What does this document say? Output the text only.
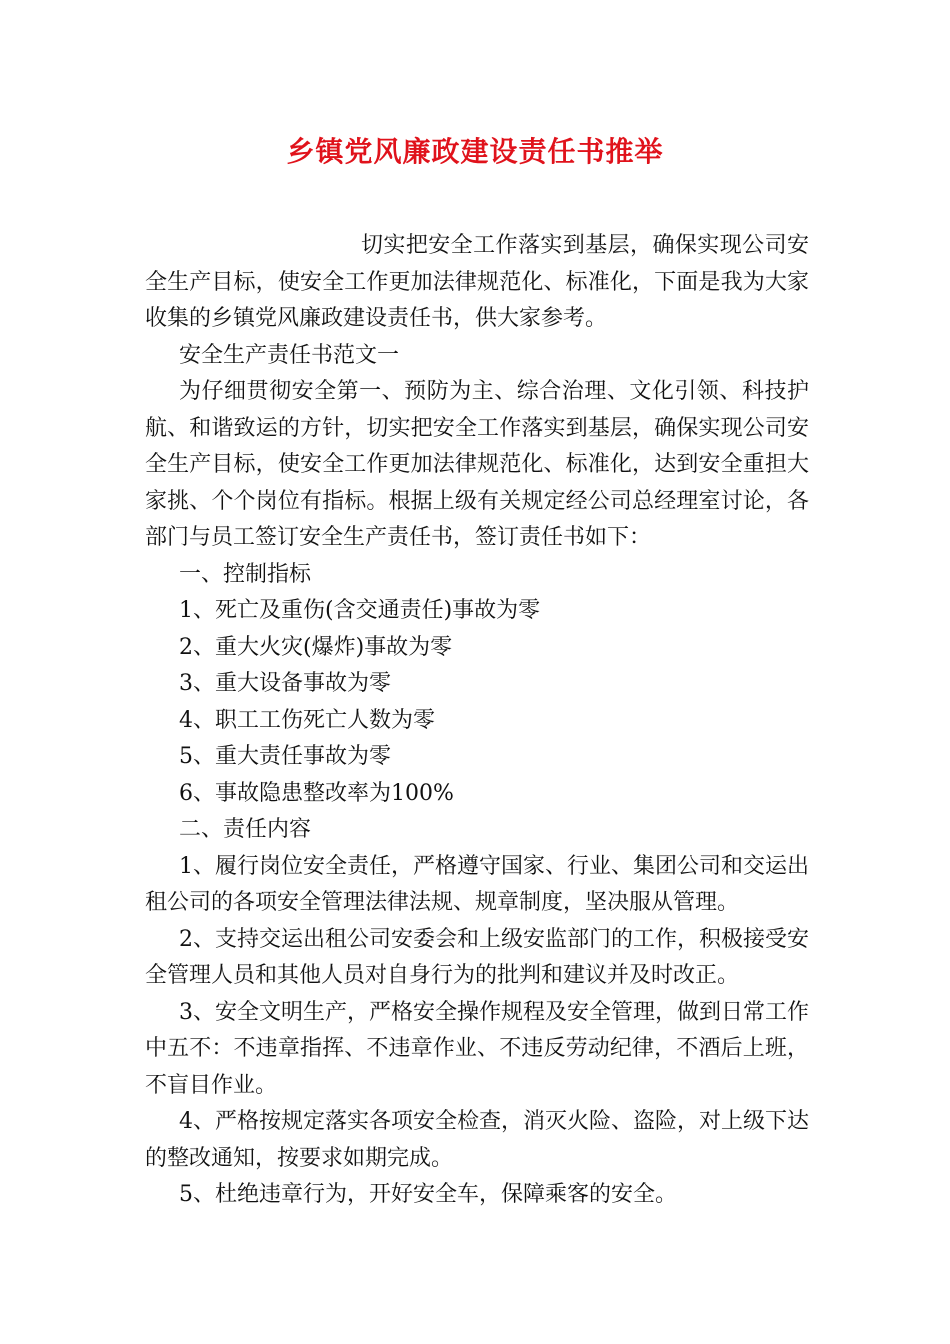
乡镇党风廉政建设责任书推举

切实把安全工作落实到基层，确保实现公司安全生产目标，使安全工作更加法律规范化、标准化，下面是我为大家收集的乡镇党风廉政建设责任书，供大家参考。

安全生产责任书范文一

为仔细贯彻安全第一、预防为主、综合治理、文化引领、科技护航、和谐致运的方针，切实把安全工作落实到基层，确保实现公司安全生产目标，使安全工作更加法律规范化、标准化，达到安全重担大家挑、个个岗位有指标。根据上级有关规定经公司总经理室讨论，各部门与员工签订安全生产责任书，签订责任书如下：

一、控制指标

1、死亡及重伤(含交通责任)事故为零

2、重大火灾(爆炸)事故为零

3、重大设备事故为零

4、职工工伤死亡人数为零

5、重大责任事故为零

6、事故隐患整改率为100%

二、责任内容

1、履行岗位安全责任，严格遵守国家、行业、集团公司和交运出租公司的各项安全管理法律法规、规章制度，坚决服从管理。

2、支持交运出租公司安委会和上级安监部门的工作，积极接受安全管理人员和其他人员对自身行为的批判和建议并及时改正。

3、安全文明生产，严格安全操作规程及安全管理，做到日常工作中五不：不违章指挥、不违章作业、不违反劳动纪律，不酒后上班，不盲目作业。

4、严格按规定落实各项安全检查，消灭火险、盗险，对上级下达的整改通知，按要求如期完成。

5、杜绝违章行为，开好安全车，保障乘客的安全。
